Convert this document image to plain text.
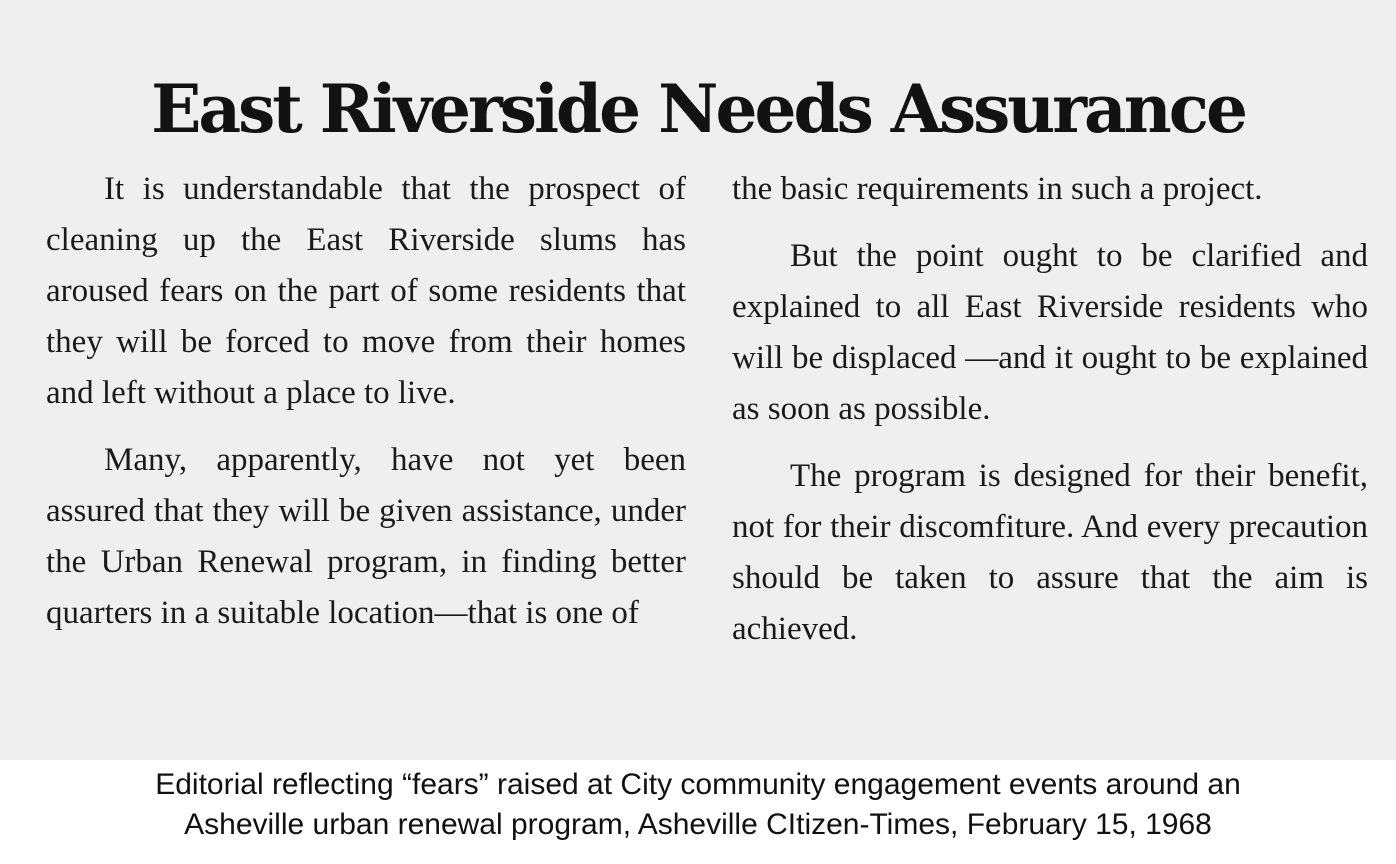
East Riverside Needs Assurance

It is understandable that the prospect of cleaning up the East Riverside slums has aroused fears on the part of some residents that they will be forced to move from their homes and left without a place to live.

Many, apparently, have not yet been assured that they will be given assistance, under the Urban Renewal program, in finding better quarters in a suitable location—that is one of

the basic requirements in such a project.

But the point ought to be clarified and explained to all East Riverside residents who will be displaced —and it ought to be explained as soon as possible.

The program is designed for their benefit, not for their discomfiture. And every precaution should be taken to assure that the aim is achieved.

Editorial reflecting “fears” raised at City community engagement events around an
Asheville urban renewal program, Asheville CItizen-Times, February 15, 1968
